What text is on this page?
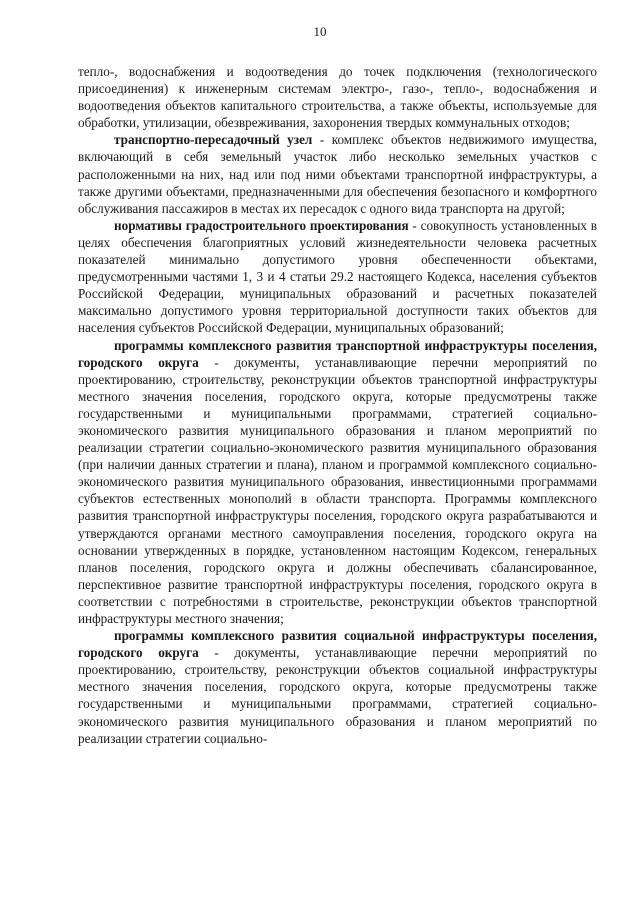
10

тепло-, водоснабжения и водоотведения до точек подключения (технологического присоединения) к инженерным системам электро-, газо-, тепло-, водоснабжения и водоотведения объектов капитального строительства, а также объекты, используемые для обработки, утилизации, обезвреживания, захоронения твердых коммунальных отходов;

транспортно-пересадочный узел - комплекс объектов недвижимого имущества, включающий в себя земельный участок либо несколько земельных участков с расположенными на них, над или под ними объектами транспортной инфраструктуры, а также другими объектами, предназначенными для обеспечения безопасного и комфортного обслуживания пассажиров в местах их пересадок с одного вида транспорта на другой;

нормативы градостроительного проектирования - совокупность установленных в целях обеспечения благоприятных условий жизнедеятельности человека расчетных показателей минимально допустимого уровня обеспеченности объектами, предусмотренными частями 1, 3 и 4 статьи 29.2 настоящего Кодекса, населения субъектов Российской Федерации, муниципальных образований и расчетных показателей максимально допустимого уровня территориальной доступности таких объектов для населения субъектов Российской Федерации, муниципальных образований;

программы комплексного развития транспортной инфраструктуры поселения, городского округа - документы, устанавливающие перечни мероприятий по проектированию, строительству, реконструкции объектов транспортной инфраструктуры местного значения поселения, городского округа, которые предусмотрены также государственными и муниципальными программами, стратегией социально-экономического развития муниципального образования и планом мероприятий по реализации стратегии социально-экономического развития муниципального образования (при наличии данных стратегии и плана), планом и программой комплексного социально-экономического развития муниципального образования, инвестиционными программами субъектов естественных монополий в области транспорта. Программы комплексного развития транспортной инфраструктуры поселения, городского округа разрабатываются и утверждаются органами местного самоуправления поселения, городского округа на основании утвержденных в порядке, установленном настоящим Кодексом, генеральных планов поселения, городского округа и должны обеспечивать сбалансированное, перспективное развитие транспортной инфраструктуры поселения, городского округа в соответствии с потребностями в строительстве, реконструкции объектов транспортной инфраструктуры местного значения;

программы комплексного развития социальной инфраструктуры поселения, городского округа - документы, устанавливающие перечни мероприятий по проектированию, строительству, реконструкции объектов социальной инфраструктуры местного значения поселения, городского округа, которые предусмотрены также государственными и муниципальными программами, стратегией социально-экономического развития муниципального образования и планом мероприятий по реализации стратегии социально-
